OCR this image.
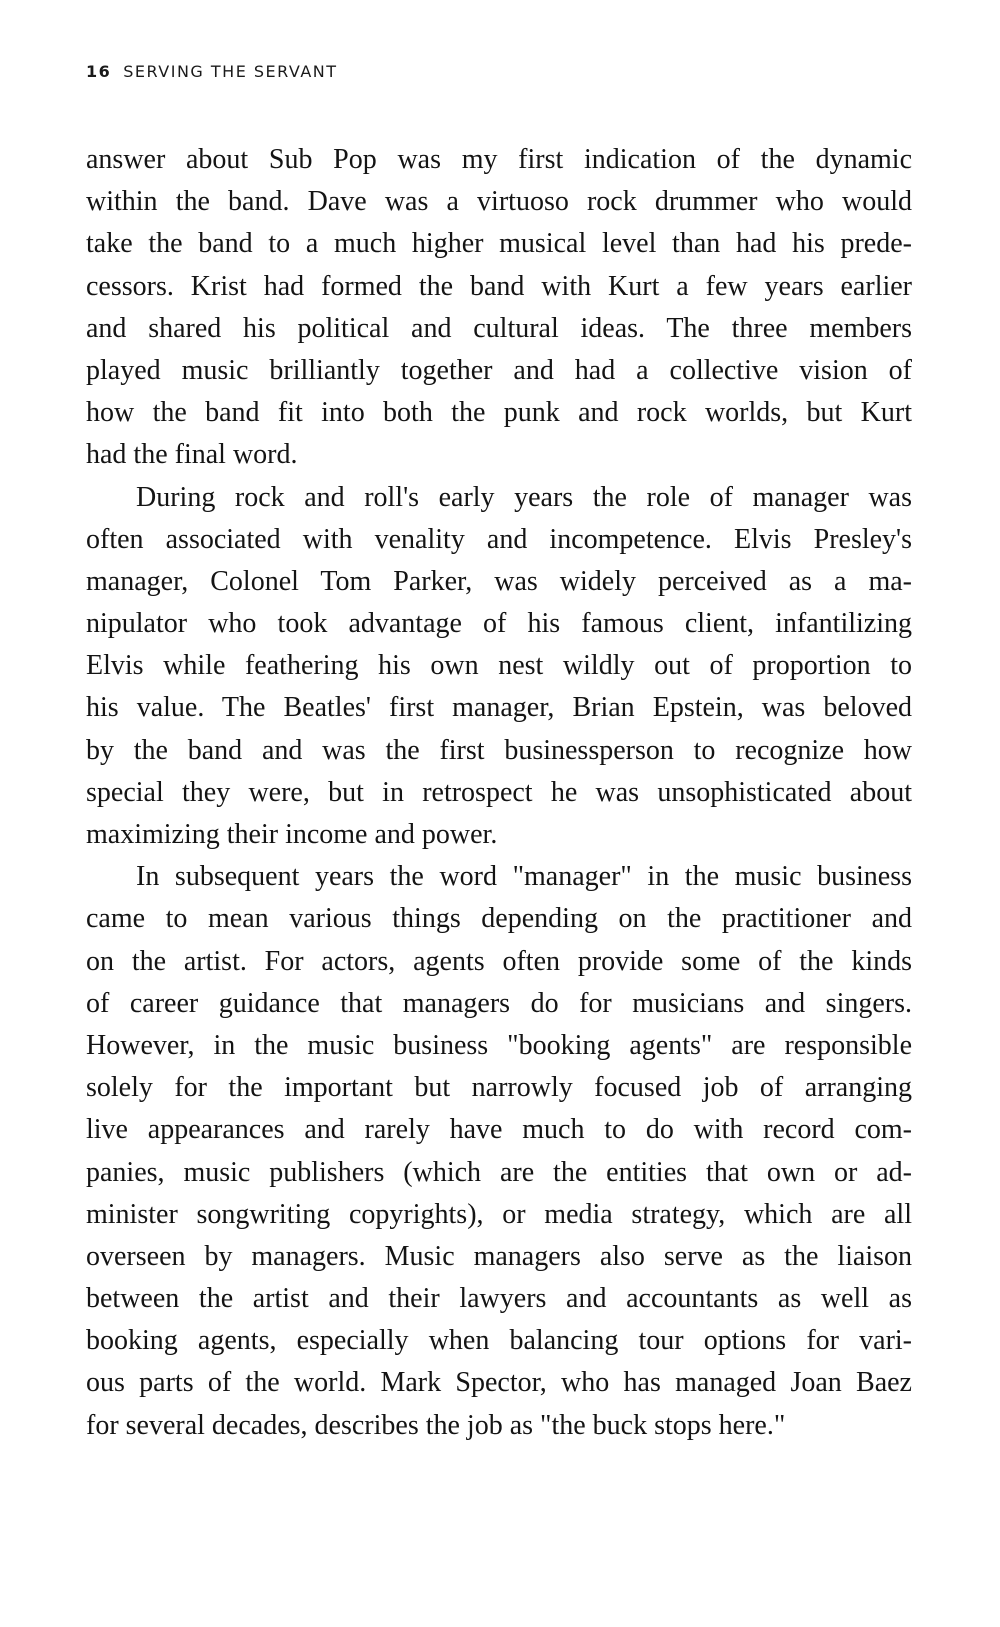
16 SERVING THE SERVANT
answer about Sub Pop was my first indication of the dynamic
within the band. Dave was a virtuoso rock drummer who would
take the band to a much higher musical level than had his prede-
cessors. Krist had formed the band with Kurt a few years earlier
and shared his political and cultural ideas. The three members
played music brilliantly together and had a collective vision of
how the band fit into both the punk and rock worlds, but Kurt
had the final word.
During rock and roll's early years the role of manager was
often associated with venality and incompetence. Elvis Presley's
manager, Colonel Tom Parker, was widely perceived as a ma-
nipulator who took advantage of his famous client, infantilizing
Elvis while feathering his own nest wildly out of proportion to
his value. The Beatles' first manager, Brian Epstein, was beloved
by the band and was the first businessperson to recognize how
special they were, but in retrospect he was unsophisticated about
maximizing their income and power.
In subsequent years the word "manager" in the music business
came to mean various things depending on the practitioner and
on the artist. For actors, agents often provide some of the kinds
of career guidance that managers do for musicians and singers.
However, in the music business "booking agents" are responsible
solely for the important but narrowly focused job of arranging
live appearances and rarely have much to do with record com-
panies, music publishers (which are the entities that own or ad-
minister songwriting copyrights), or media strategy, which are all
overseen by managers. Music managers also serve as the liaison
between the artist and their lawyers and accountants as well as
booking agents, especially when balancing tour options for vari-
ous parts of the world. Mark Spector, who has managed Joan Baez
for several decades, describes the job as "the buck stops here."
